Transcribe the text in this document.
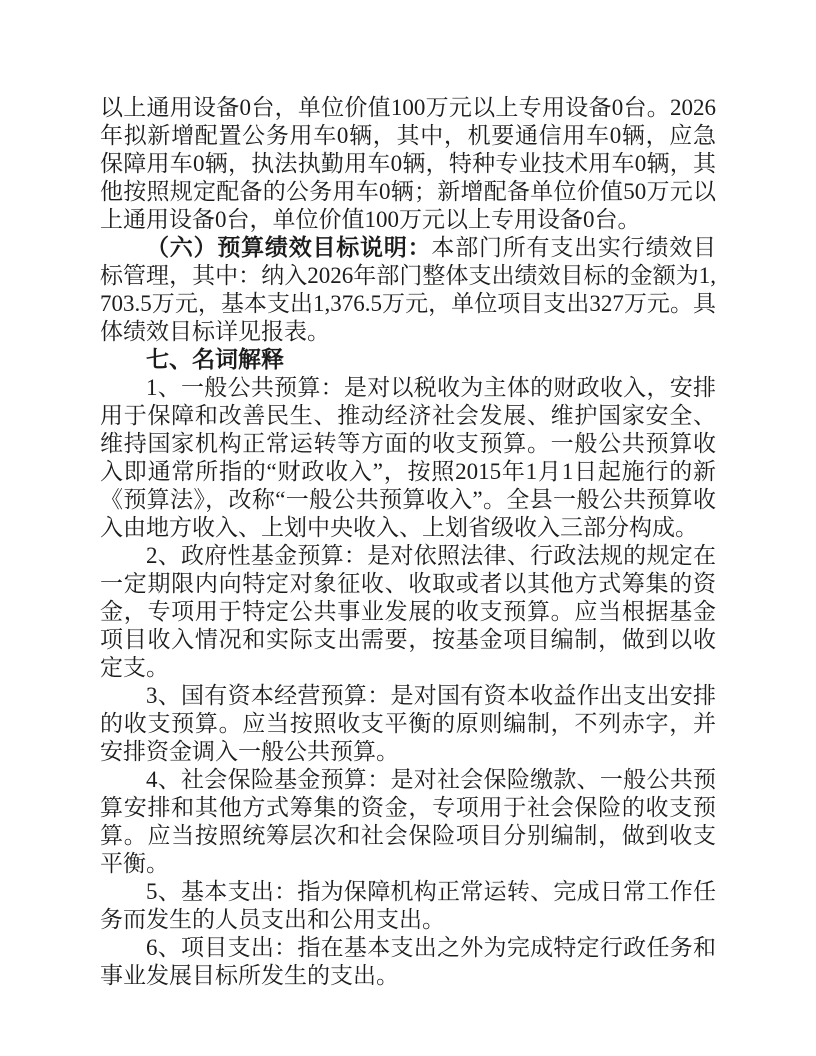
以上通用设备0台，单位价值100万元以上专用设备0台。2026年拟新增配置公务用车0辆，其中，机要通信用车0辆，应急保障用车0辆，执法执勤用车0辆，特种专业技术用车0辆，其他按照规定配备的公务用车0辆；新增配备单位价值50万元以上通用设备0台，单位价值100万元以上专用设备0台。

（六）预算绩效目标说明：本部门所有支出实行绩效目标管理，其中：纳入2026年部门整体支出绩效目标的金额为1,703.5万元，基本支出1,376.5万元，单位项目支出327万元。具体绩效目标详见报表。

七、名词解释

1、一般公共预算：是对以税收为主体的财政收入，安排用于保障和改善民生、推动经济社会发展、维护国家安全、维持国家机构正常运转等方面的收支预算。一般公共预算收入即通常所指的“财政收入”，按照2015年1月1日起施行的新《预算法》，改称“一般公共预算收入”。全县一般公共预算收入由地方收入、上划中央收入、上划省级收入三部分构成。

2、政府性基金预算：是对依照法律、行政法规的规定在一定期限内向特定对象征收、收取或者以其他方式筹集的资金，专项用于特定公共事业发展的收支预算。应当根据基金项目收入情况和实际支出需要，按基金项目编制，做到以收定支。

3、国有资本经营预算：是对国有资本收益作出支出安排的收支预算。应当按照收支平衡的原则编制，不列赤字，并安排资金调入一般公共预算。

4、社会保险基金预算：是对社会保险缴款、一般公共预算安排和其他方式筹集的资金，专项用于社会保险的收支预算。应当按照统筹层次和社会保险项目分别编制，做到收支平衡。

5、基本支出：指为保障机构正常运转、完成日常工作任务而发生的人员支出和公用支出。

6、项目支出：指在基本支出之外为完成特定行政任务和事业发展目标所发生的支出。
